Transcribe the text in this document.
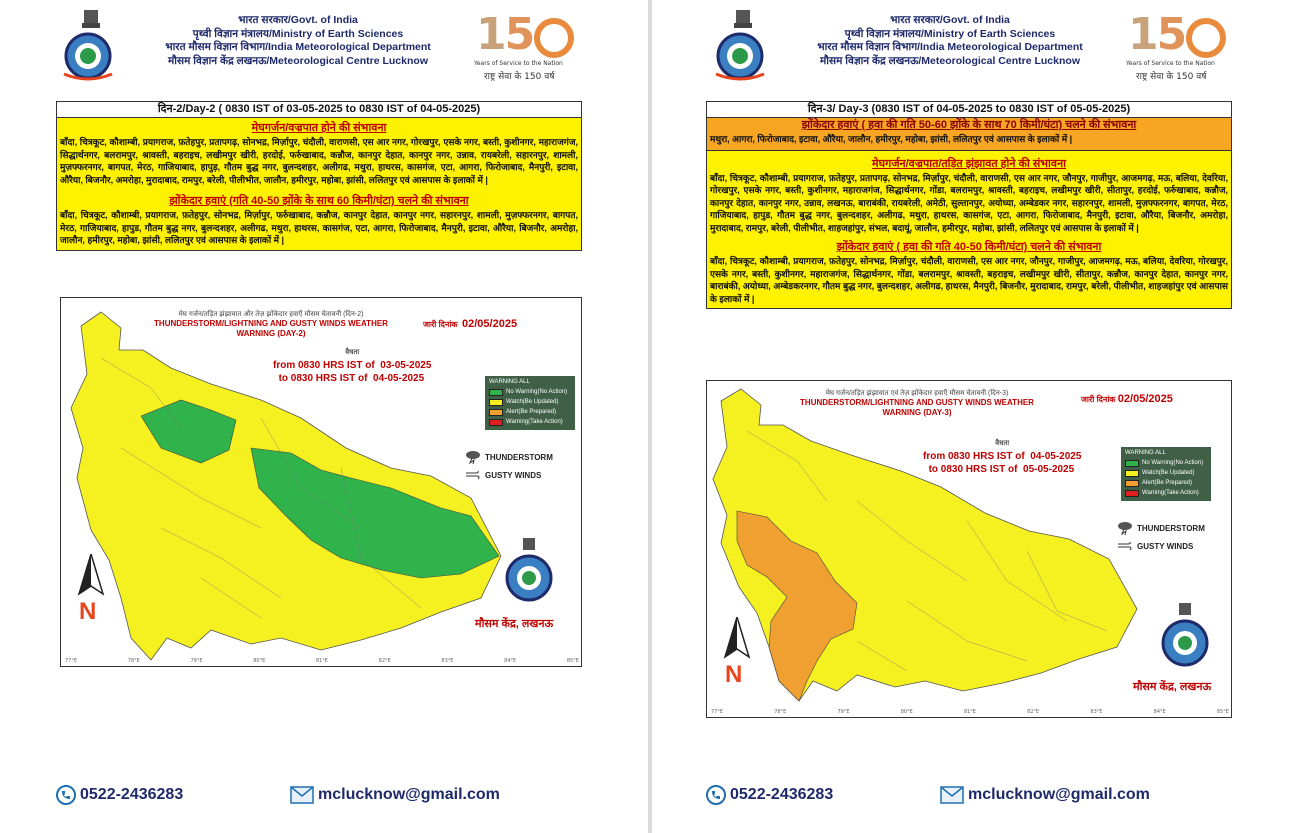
भारत सरकार/Govt. of India
पृथ्वी विज्ञान मंत्रालय/Ministry of Earth Sciences
भारत मौसम विज्ञान विभाग/India Meteorological Department
मौसम विज्ञान केंद्र लखनऊ/Meteorological Centre Lucknow
15
Years of Service to the Nation
राष्ट्र सेवा के 150 वर्ष
दिन-2/Day-2 ( 0830 IST of 03-05-2025 to 0830 IST of 04-05-2025)
मेघगर्जन/वज्रपात होने की संभावना
बाँदा, चित्रकूट, कौशाम्बी, प्रयागराज, फ़तेहपुर, प्रतापगढ़, सोनभद्र, मिर्ज़ापुर, चंदौली, वाराणसी, एस आर नगर, गोरखपुर, एसके नगर, बस्ती, कुशीनगर, महाराजगंज, सिद्धार्थनगर, बलरामपुर, श्रावस्ती, बहराइच, लखीमपुर खीरी, हरदोई, फर्रुखाबाद, कन्नौज, कानपुर देहात, कानपुर नगर, उन्नाव, रायबरेली, सहारनपुर, शामली, मुज़फ्फरनगर, बागपत, मेरठ, गाजियाबाद, हापुड़, गौतम बुद्ध नगर, बुलन्दशहर, अलीगढ, मथुरा, हाथरस, कासगंज, एटा, आगरा, फिरोजाबाद, मैनपुरी, इटावा, औरैया, बिजनौर, अमरोहा, मुरादाबाद, रामपुर, बरेली, पीलीभीत, जालौन, हमीरपुर, महोबा, झांसी, ललितपुर एवं आसपास के इलाकों में |
झोंकेदार हवाएं (गति 40-50 झोंके के साथ 60 किमी/घंटा) चलने की संभावना
बाँदा, चित्रकूट, कौशाम्बी, प्रयागराज, फ़तेहपुर, सोनभद्र, मिर्ज़ापुर, फर्रुखाबाद, कन्नौज, कानपुर देहात, कानपुर नगर, सहारनपुर, शामली, मुज़फ्फरनगर, बागपत, मेरठ, गाजियाबाद, हापुड, गौतम बुद्ध नगर, बुलन्दशहर, अलीगढ, मथुरा, हाथरस, कासगंज, एटा, आगरा, फिरोजाबाद, मैनपुरी, इटावा, औरैया, बिजनौर, अमरोहा, जालौन, हमीरपुर, महोबा, झांसी, ललितपुर एवं आसपास के इलाकों में |
मेघ गर्जन/तड़ित झंझावात और तेज़ झोंकेदार हवाएँ मौसम चेतावनी (दिन-2)
THUNDERSTORM/LIGHTNING AND GUSTY WINDS WEATHER
WARNING (DAY-2)
जारी दिनांक 02/05/2025
वैधता
from 0830 HRS IST of 03-05-2025
to 0830 HRS IST of 04-05-2025	WARNING ALL
No Warning(No Action)
Watch(Be Updated)
Alert(Be Prepared)
Warning(Take Action)
THUNDERSTORM
GUSTY WINDS
N	मौसम केंद्र, लखनऊ
77°E	78°E	79°E	80°E	81°E	82°E	83°E	84°E	85°E
0522-2436283	mclucknow@gmail.com
भारत सरकार/Govt. of India
पृथ्वी विज्ञान मंत्रालय/Ministry of Earth Sciences
भारत मौसम विज्ञान विभाग/India Meteorological Department
मौसम विज्ञान केंद्र लखनऊ/Meteorological Centre Lucknow
15
Years of Service to the Nation
राष्ट्र सेवा के 150 वर्ष
दिन-3/ Day-3 (0830 IST of 04-05-2025 to 0830 IST of 05-05-2025)
झोंकेदार हवाएं ( हवा की गति 50-60 झोंके के साथ 70 किमी/घंटा) चलने की संभावना
मथुरा, आगरा, फिरोजाबाद, इटावा, औरैया, जालौन, हमीरपुर, महोबा, झांसी, ललितपुर एवं आसपास के इलाकों में |
मेघगर्जन/वज्रपात/तड़ित झंझावत होने की संभावना
बाँदा, चित्रकूट, कौशाम्बी, प्रयागराज, फ़तेहपुर, प्रतापगढ़, सोनभद्र, मिर्ज़ापुर, चंदौली, वाराणसी, एस आर नगर, जौनपुर, गाजीपुर, आजमगढ़, मऊ, बलिया, देवरिया, गोरखपुर, एसके नगर, बस्ती, कुशीनगर, महाराजगंज, सिद्धार्थनगर, गोंडा, बलरामपुर, श्रावस्ती, बहराइच, लखीमपुर खीरी, सीतापुर, हरदोई, फर्रुखाबाद, कन्नौज, कानपुर देहात, कानपुर नगर, उन्नाव, लखनऊ, बाराबंकी, रायबरेली, अमेठी, सुल्तानपुर, अयोध्या, अम्बेडकर नगर, सहारनपुर, शामली, मुज़फ्फरनगर, बागपत, मेरठ, गाजियाबाद, हापुड, गौतम बुद्ध नगर, बुलन्दशहर, अलीगढ, मथुरा, हाथरस, कासगंज, एटा, आगरा, फिरोजाबाद, मैनपुरी, इटावा, औरैया, बिजनौर, अमरोहा, मुरादाबाद, रामपुर, बरेली, पीलीभीत, शाहजहांपुर, संभल, बदायूं, जालौन, हमीरपुर, महोबा, झांसी, ललितपुर एवं आसपास के इलाकों में |
झोंकेदार हवाएं ( हवा की गति 40-50 किमी/घंटा) चलने की संभावना
बाँदा, चित्रकूट, कौशाम्बी, प्रयागराज, फ़तेहपुर, सोनभद्र, मिर्ज़ापुर, चंदौली, वाराणसी, एस आर नगर, जौनपुर, गाजीपुर, आजमगढ़, मऊ, बलिया, देवरिया, गोरखपुर, एसके नगर, बस्ती, कुशीनगर, महाराजगंज, सिद्धार्थनगर, गोंडा, बलरामपुर, श्रावस्ती, बहराइच, लखीमपुर खीरी, सीतापुर, कन्नौज, कानपुर देहात, कानपुर नगर, बाराबंकी, अयोध्या, अम्बेडकरनगर, गौतम बुद्ध नगर, बुलन्दशहर, अलीगढ, हाथरस, मैनपुरी, बिजनौर, मुरादाबाद, रामपुर, बरेली, पीलीभीत, शाहजहांपुर एवं आसपास के इलाकों में |
मेघ गर्जन/तड़ित झंझावात एवं तेज़ झोंकेदार हवाएँ मौसम चेतावनी (दिन-3)
THUNDERSTORM/LIGHTNING AND GUSTY WINDS WEATHER
WARNING (DAY-3)
जारी दिनांक 02/05/2025
वैधता
from 0830 HRS IST of 04-05-2025
to 0830 HRS IST of 05-05-2025
WARNING ALL
No Warning(No Action)
Watch(Be Updated)
Alert(Be Prepared)
Warning(Take Action)
THUNDERSTORM
GUSTY WINDS
N	मौसम केंद्र, लखनऊ
77°E	78°E	79°E	80°E	81°E	82°E	83°E	84°E	85°E
0522-2436283	mclucknow@gmail.com
